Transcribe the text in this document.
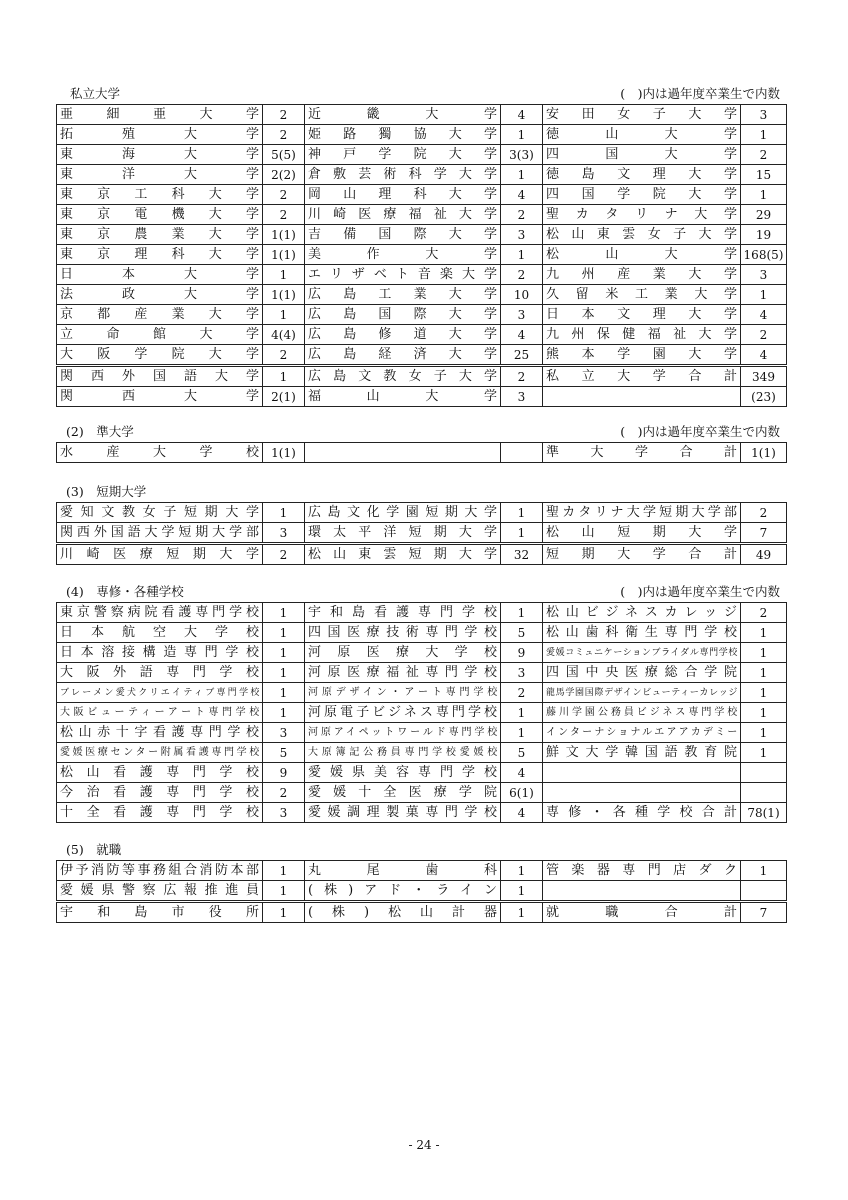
私立大学	(　)内は過年度卒業生で内数
亜細亜大学	2	近畿大学	4	安田女子大学	3
拓殖大学	2	姫路獨協大学	1	徳山大学	1
東海大学	5(5)	神戸学院大学	3(3)	四国大学	2
東洋大学	2(2)	倉敷芸術科学大学	1	徳島文理大学	15
東京工科大学	2	岡山理科大学	4	四国学院大学	1
東京電機大学	2	川崎医療福祉大学	2	聖カタリナ大学	29
東京農業大学	1(1)	吉備国際大学	3	松山東雲女子大学	19
東京理科大学	1(1)	美作大学	1	松山大学	168(5)
日本大学	1	エリザベト音楽大学	2	九州産業大学	3
法政大学	1(1)	広島工業大学	10	久留米工業大学	1
京都産業大学	1	広島国際大学	3	日本文理大学	4
立命館大学	4(4)	広島修道大学	4	九州保健福祉大学	2
大阪学院大学	2	広島経済大学	25	熊本学園大学	4
関西外国語大学	1	広島文教女子大学	2	私立大学合計	349
関西大学	2(1)	福山大学	3		(23)
(2)　準大学	(　)内は過年度卒業生で内数
水産大学校	1(1)			準大学合計	1(1)
(3)　短期大学
愛知文教女子短期大学	1	広島文化学園短期大学	1	聖カタリナ大学短期大学部	2
関西外国語大学短期大学部	3	環太平洋短期大学	1	松山短期大学	7
川崎医療短期大学	2	松山東雲短期大学	32	短期大学合計	49
(4)　専修・各種学校	(　)内は過年度卒業生で内数
東京警察病院看護専門学校	1	宇和島看護専門学校	1	松山ビジネスカレッジ	2
日本航空大学校	1	四国医療技術専門学校	5	松山歯科衛生専門学校	1
日本溶接構造専門学校	1	河原医療大学校	9	愛媛コミュニケーションブライダル専門学校	1
大阪外語専門学校	1	河原医療福祉専門学校	3	四国中央医療総合学院	1
ブレーメン愛犬クリエイティブ専門学校	1	河原デザイン・アート専門学校	2	龍馬学園国際デザインビューティーカレッジ	1
大阪ビューティーアート専門学校	1	河原電子ビジネス専門学校	1	藤川学園公務員ビジネス専門学校	1
松山赤十字看護専門学校	3	河原アイペットワールド専門学校	1	インターナショナルエアアカデミー	1
愛媛医療センター附属看護専門学校	5	大原簿記公務員専門学校愛媛校	5	鮮文大学韓国語教育院	1
松山看護専門学校	9	愛媛県美容専門学校	4		
今治看護専門学校	2	愛媛十全医療学院	6(1)		
十全看護専門学校	3	愛媛調理製菓専門学校	4	専修・各種学校合計	78(1)
(5)　就職
伊予消防等事務組合消防本部	1	丸尾歯科	1	管楽器専門店ダク	1
愛媛県警察広報推進員	1	(株)アド・ライン	1		
宇和島市役所	1	(株)松山計器	1	就職合計	7
- 24 -
